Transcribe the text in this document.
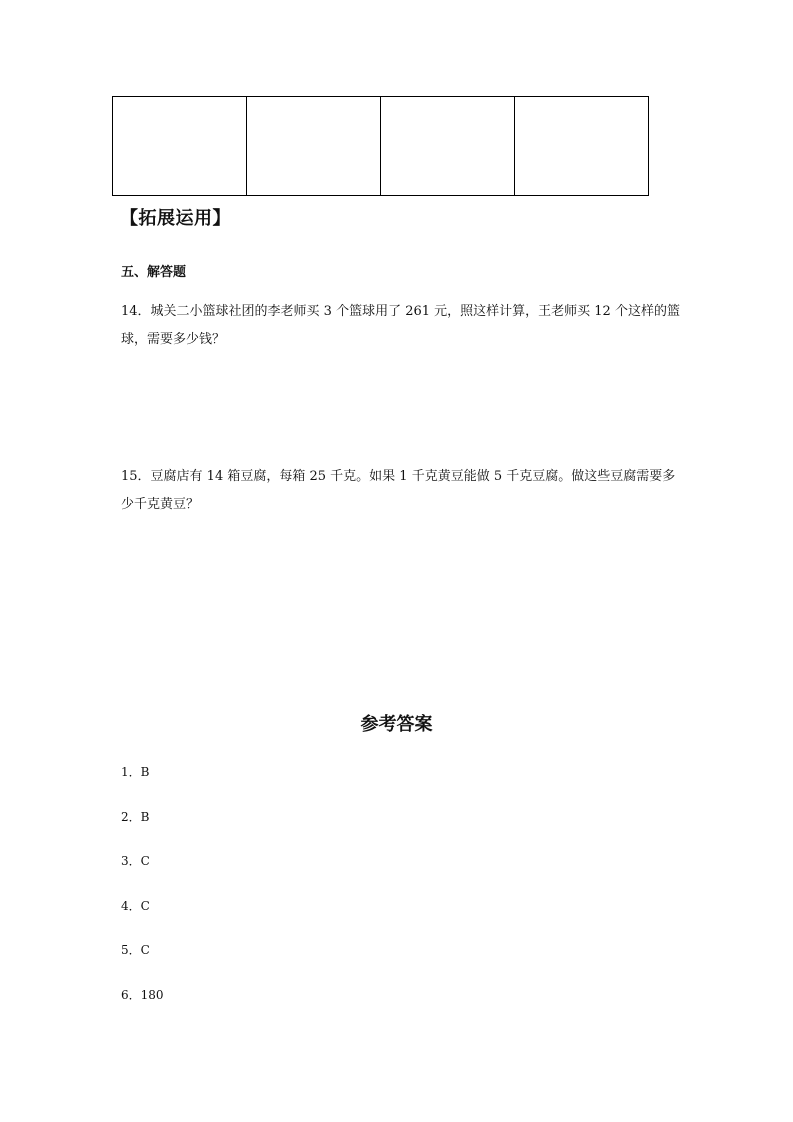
【拓展运用】
五、解答题

14．城关二小篮球社团的李老师买 3 个篮球用了 261 元，照这样计算，王老师买 12 个这样的篮球，需要多少钱？

15．豆腐店有 14 箱豆腐，每箱 25 千克。如果 1 千克黄豆能做 5 千克豆腐。做这些豆腐需要多少千克黄豆？

参考答案
1．B
2．B
3．C
4．C
5．C
6．180
